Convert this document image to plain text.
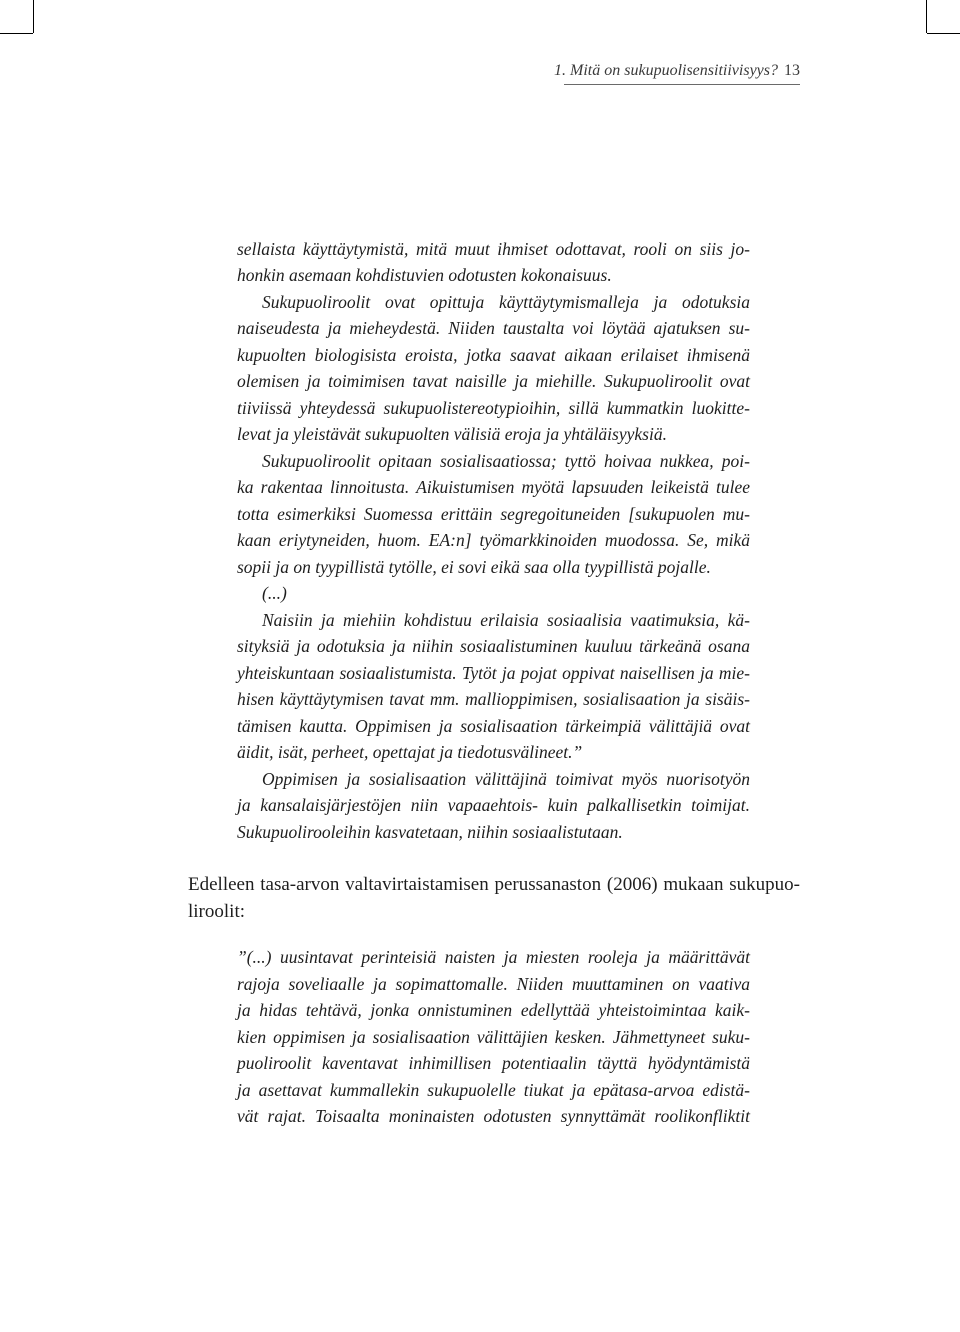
1. Mitä on sukupuolisensitiivisyys? 13
sellaista käyttäytymistä, mitä muut ihmiset odottavat, rooli on siis jo-
honkin asemaan kohdistuvien odotusten kokonaisuus.
Sukupuoliroolit ovat opittuja käyttäytymismalleja ja odotuksia
naiseudesta ja mieheydestä. Niiden taustalta voi löytää ajatuksen su-
kupuolten biologisista eroista, jotka saavat aikaan erilaiset ihmisenä
olemisen ja toimimisen tavat naisille ja miehille. Sukupuoliroolit ovat
tiiviissä yhteydessä sukupuolistereotypioihin, sillä kummatkin luokitte-
levat ja yleistävät sukupuolten välisiä eroja ja yhtäläisyyksiä.
Sukupuoliroolit opitaan sosialisaatiossa; tyttö hoivaa nukkea, poi-
ka rakentaa linnoitusta. Aikuistumisen myötä lapsuuden leikeistä tulee
totta esimerkiksi Suomessa erittäin segregoituneiden [sukupuolen mu-
kaan eriytyneiden, huom. EA:n] työmarkkinoiden muodossa. Se, mikä
sopii ja on tyypillistä tytölle, ei sovi eikä saa olla tyypillistä pojalle.
(...)
Naisiin ja miehiin kohdistuu erilaisia sosiaalisia vaatimuksia, kä-
sityksiä ja odotuksia ja niihin sosiaalistuminen kuuluu tärkeänä osana
yhteiskuntaan sosiaalistumista. Tytöt ja pojat oppivat naisellisen ja mie-
hisen käyttäytymisen tavat mm. mallioppimisen, sosialisaation ja sisäis-
tämisen kautta. Oppimisen ja sosialisaation tärkeimpiä välittäjiä ovat
äidit, isät, perheet, opettajat ja tiedotusvälineet.”
Oppimisen ja sosialisaation välittäjinä toimivat myös nuorisotyön
ja kansalaisjärjestöjen niin vapaaehtois- kuin palkallisetkin toimijat.
Sukupuolirooleihin kasvatetaan, niihin sosiaalistutaan.
Edelleen tasa-arvon valtavirtaistamisen perussanaston (2006) mukaan sukupuo-
liroolit:
”(...) uusintavat perinteisiä naisten ja miesten rooleja ja määrittävät
rajoja soveliaalle ja sopimattomalle. Niiden muuttaminen on vaativa
ja hidas tehtävä, jonka onnistuminen edellyttää yhteistoimintaa kaik-
kien oppimisen ja sosialisaation välittäjien kesken. Jähmettyneet suku-
puoliroolit kaventavat inhimillisen potentiaalin täyttä hyödyntämistä
ja asettavat kummallekin sukupuolelle tiukat ja epätasa-arvoa edistä-
vät rajat. Toisaalta moninaisten odotusten synnyttämät roolikonfliktit
